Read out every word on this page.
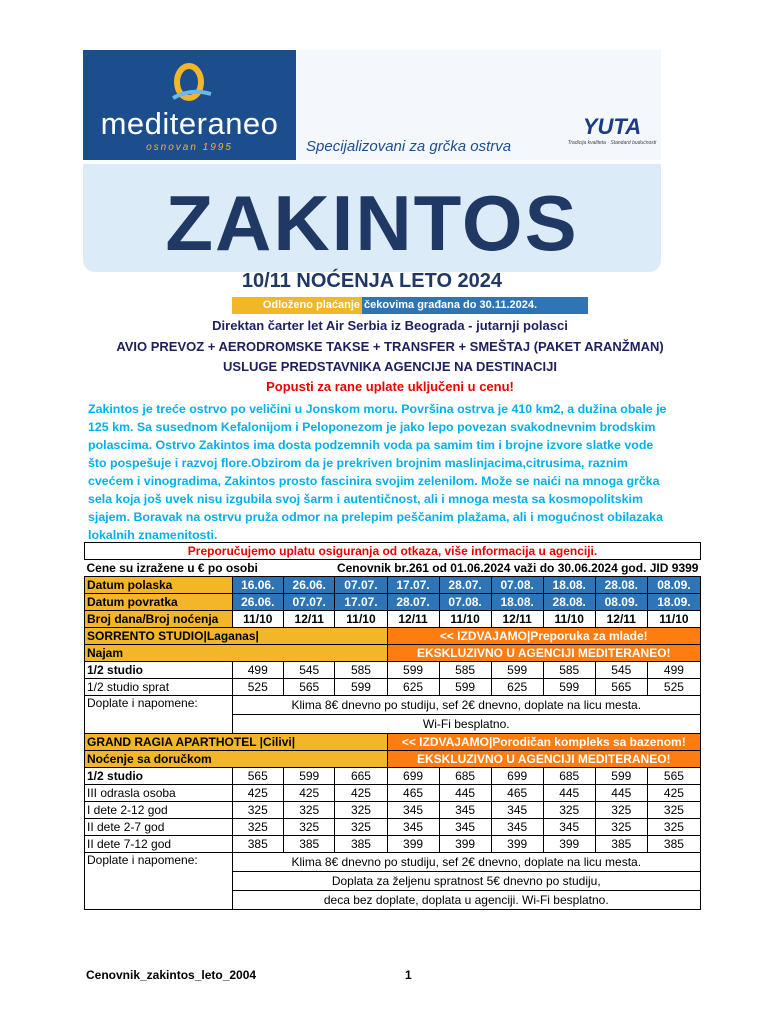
mediteraneo
osnovan 1995	Specijalizovani za grčka ostrva
YUTA
Tradicija kvaliteta · Standard budućnosti
ZAKINTOS
10/11 NOĆENJA LETO 2024
Odloženo plaćanje čekovima građana do 30.11.2024.
Direktan čarter let Air Serbia iz Beograda - jutarnji polasci
AVIO PREVOZ + AERODROMSKE TAKSE + TRANSFER + SMEŠTAJ (PAKET ARANŽMAN)
USLUGE PREDSTAVNIKA AGENCIJE NA DESTINACIJI
Popusti za rane uplate uključeni u cenu!
Zakintos je treće ostrvo po veličini u Jonskom moru. Površina ostrva je 410 km2, a dužina obale je 125 km. Sa susednom Kefalonijom i Peloponezom je jako lepo povezan svakodnevnim brodskim polascima. Ostrvo Zakintos ima dosta podzemnih voda pa samim tim i brojne izvore slatke vode što pospešuje i razvoj flore.Obzirom da je prekriven brojnim maslinjacima,citrusima, raznim cvećem i vinogradima, Zakintos prosto fascinira svojim zelenilom. Može se naići na mnoga grčka sela koja još uvek nisu izgubila svoj šarm i autentičnost, ali i mnoga mesta sa kosmopolitskim sjajem. Boravak na ostrvu pruža odmor na prelepim peščanim plažama, ali i mogućnost obilazaka lokalnih znamenitosti.
Preporučujemo uplatu osiguranja od otkaza, više informacija u agenciji.									
Cene su izražene u € po osobi			Cenovnik br.261 od 01.06.2024 važi do 30.06.2024 god. JID 9399						
Datum polaska	16.06.	26.06.	07.07.	17.07.	28.07.	07.08.	18.08.	28.08.	08.09.
Datum povratka	26.06.	07.07.	17.07.	28.07.	07.08.	18.08.	28.08.	08.09.	18.09.
Broj dana/Broj noćenja	11/10	12/11	11/10	12/11	11/10	12/11	11/10	12/11	11/10
SORRENTO STUDIO|Laganas|				<< IZDVAJAMO|Preporuka za mlade!					
Najam				EKSKLUZIVNO U AGENCIJI MEDITERANEO!					
1/2 studio	499	545	585	599	585	599	585	545	499
1/2 studio sprat	525	565	599	625	599	625	599	565	525
Doplate i napomene:	Klima 8€ dnevno po studiju, sef 2€ dnevno, doplate na licu mesta.								
	Wi-Fi besplatno.								
GRAND RAGIA APARTHOTEL |Cilivi|				<< IZDVAJAMO|Porodičan kompleks sa bazenom!					
Noćenje sa doručkom				EKSKLUZIVNO U AGENCIJI MEDITERANEO!					
1/2 studio	565	599	665	699	685	699	685	599	565
III odrasla osoba	425	425	425	465	445	465	445	445	425
I dete 2-12 god	325	325	325	345	345	345	325	325	325
II dete 2-7 god	325	325	325	345	345	345	345	325	325
II dete 7-12 god	385	385	385	399	399	399	399	385	385
Doplate i napomene:	Klima 8€ dnevno po studiju, sef 2€ dnevno, doplate na licu mesta.								
	Doplata za željenu spratnost 5€ dnevno po studiju,								
	deca bez doplate, doplata u agenciji. Wi-Fi besplatno.								
Cenovnik_zakintos_leto_2004	1
